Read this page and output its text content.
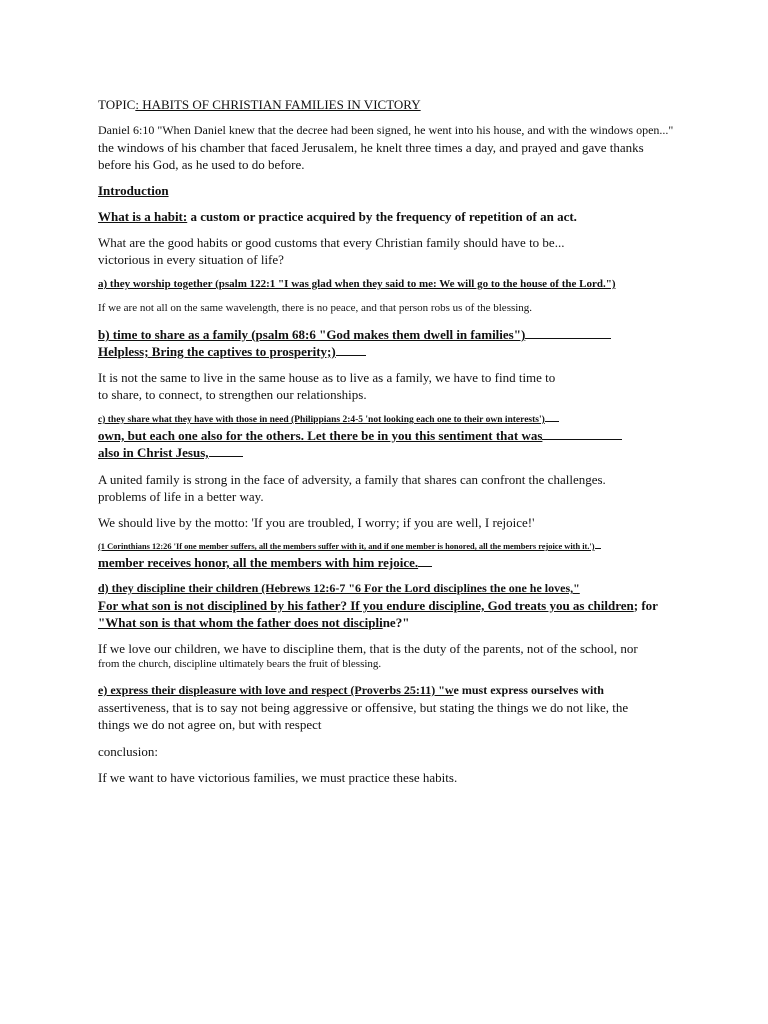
TOPIC: HABITS OF CHRISTIAN FAMILIES IN VICTORY

Daniel 6:10 "When Daniel knew that the decree had been signed, he went into his house, and with the windows open..."

the windows of his chamber that faced Jerusalem, he knelt three times a day, and prayed and gave thanks

before his God, as he used to do before.

Introduction

What is a habit: a custom or practice acquired by the frequency of repetition of an act.

What are the good habits or good customs that every Christian family should have to be...

victorious in every situation of life?

a) they worship together (psalm 122:1 "I was glad when they said to me: We will go to the house of the Lord.")

If we are not all on the same wavelength, there is no peace, and that person robs us of the blessing.

b) time to share as a family (psalm 68:6 "God makes them dwell in families")

Helpless; Bring the captives to prosperity;)

It is not the same to live in the same house as to live as a family, we have to find time to

to share, to connect, to strengthen our relationships.

c) they share what they have with those in need (Philippians 2:4-5 'not looking each one to their own interests')

own, but each one also for the others. Let there be in you this sentiment that was

also in Christ Jesus,

A united family is strong in the face of adversity, a family that shares can confront the challenges.

problems of life in a better way.

We should live by the motto: 'If you are troubled, I worry; if you are well, I rejoice!'

(1 Corinthians 12:26 'If one member suffers, all the members suffer with it, and if one member is honored, all the members rejoice with it.')

member receives honor, all the members with him rejoice.

d) they discipline their children (Hebrews 12:6-7 "6 For the Lord disciplines the one he loves,"

For what son is not disciplined by his father? If you endure discipline, God treats you as children; for

"What son is that whom the father does not discipline?"

If we love our children, we have to discipline them, that is the duty of the parents, not of the school, nor

from the church, discipline ultimately bears the fruit of blessing.

e) express their displeasure with love and respect (Proverbs 25:11) "we must express ourselves with

assertiveness, that is to say not being aggressive or offensive, but stating the things we do not like, the

things we do not agree on, but with respect

conclusion:

If we want to have victorious families, we must practice these habits.
